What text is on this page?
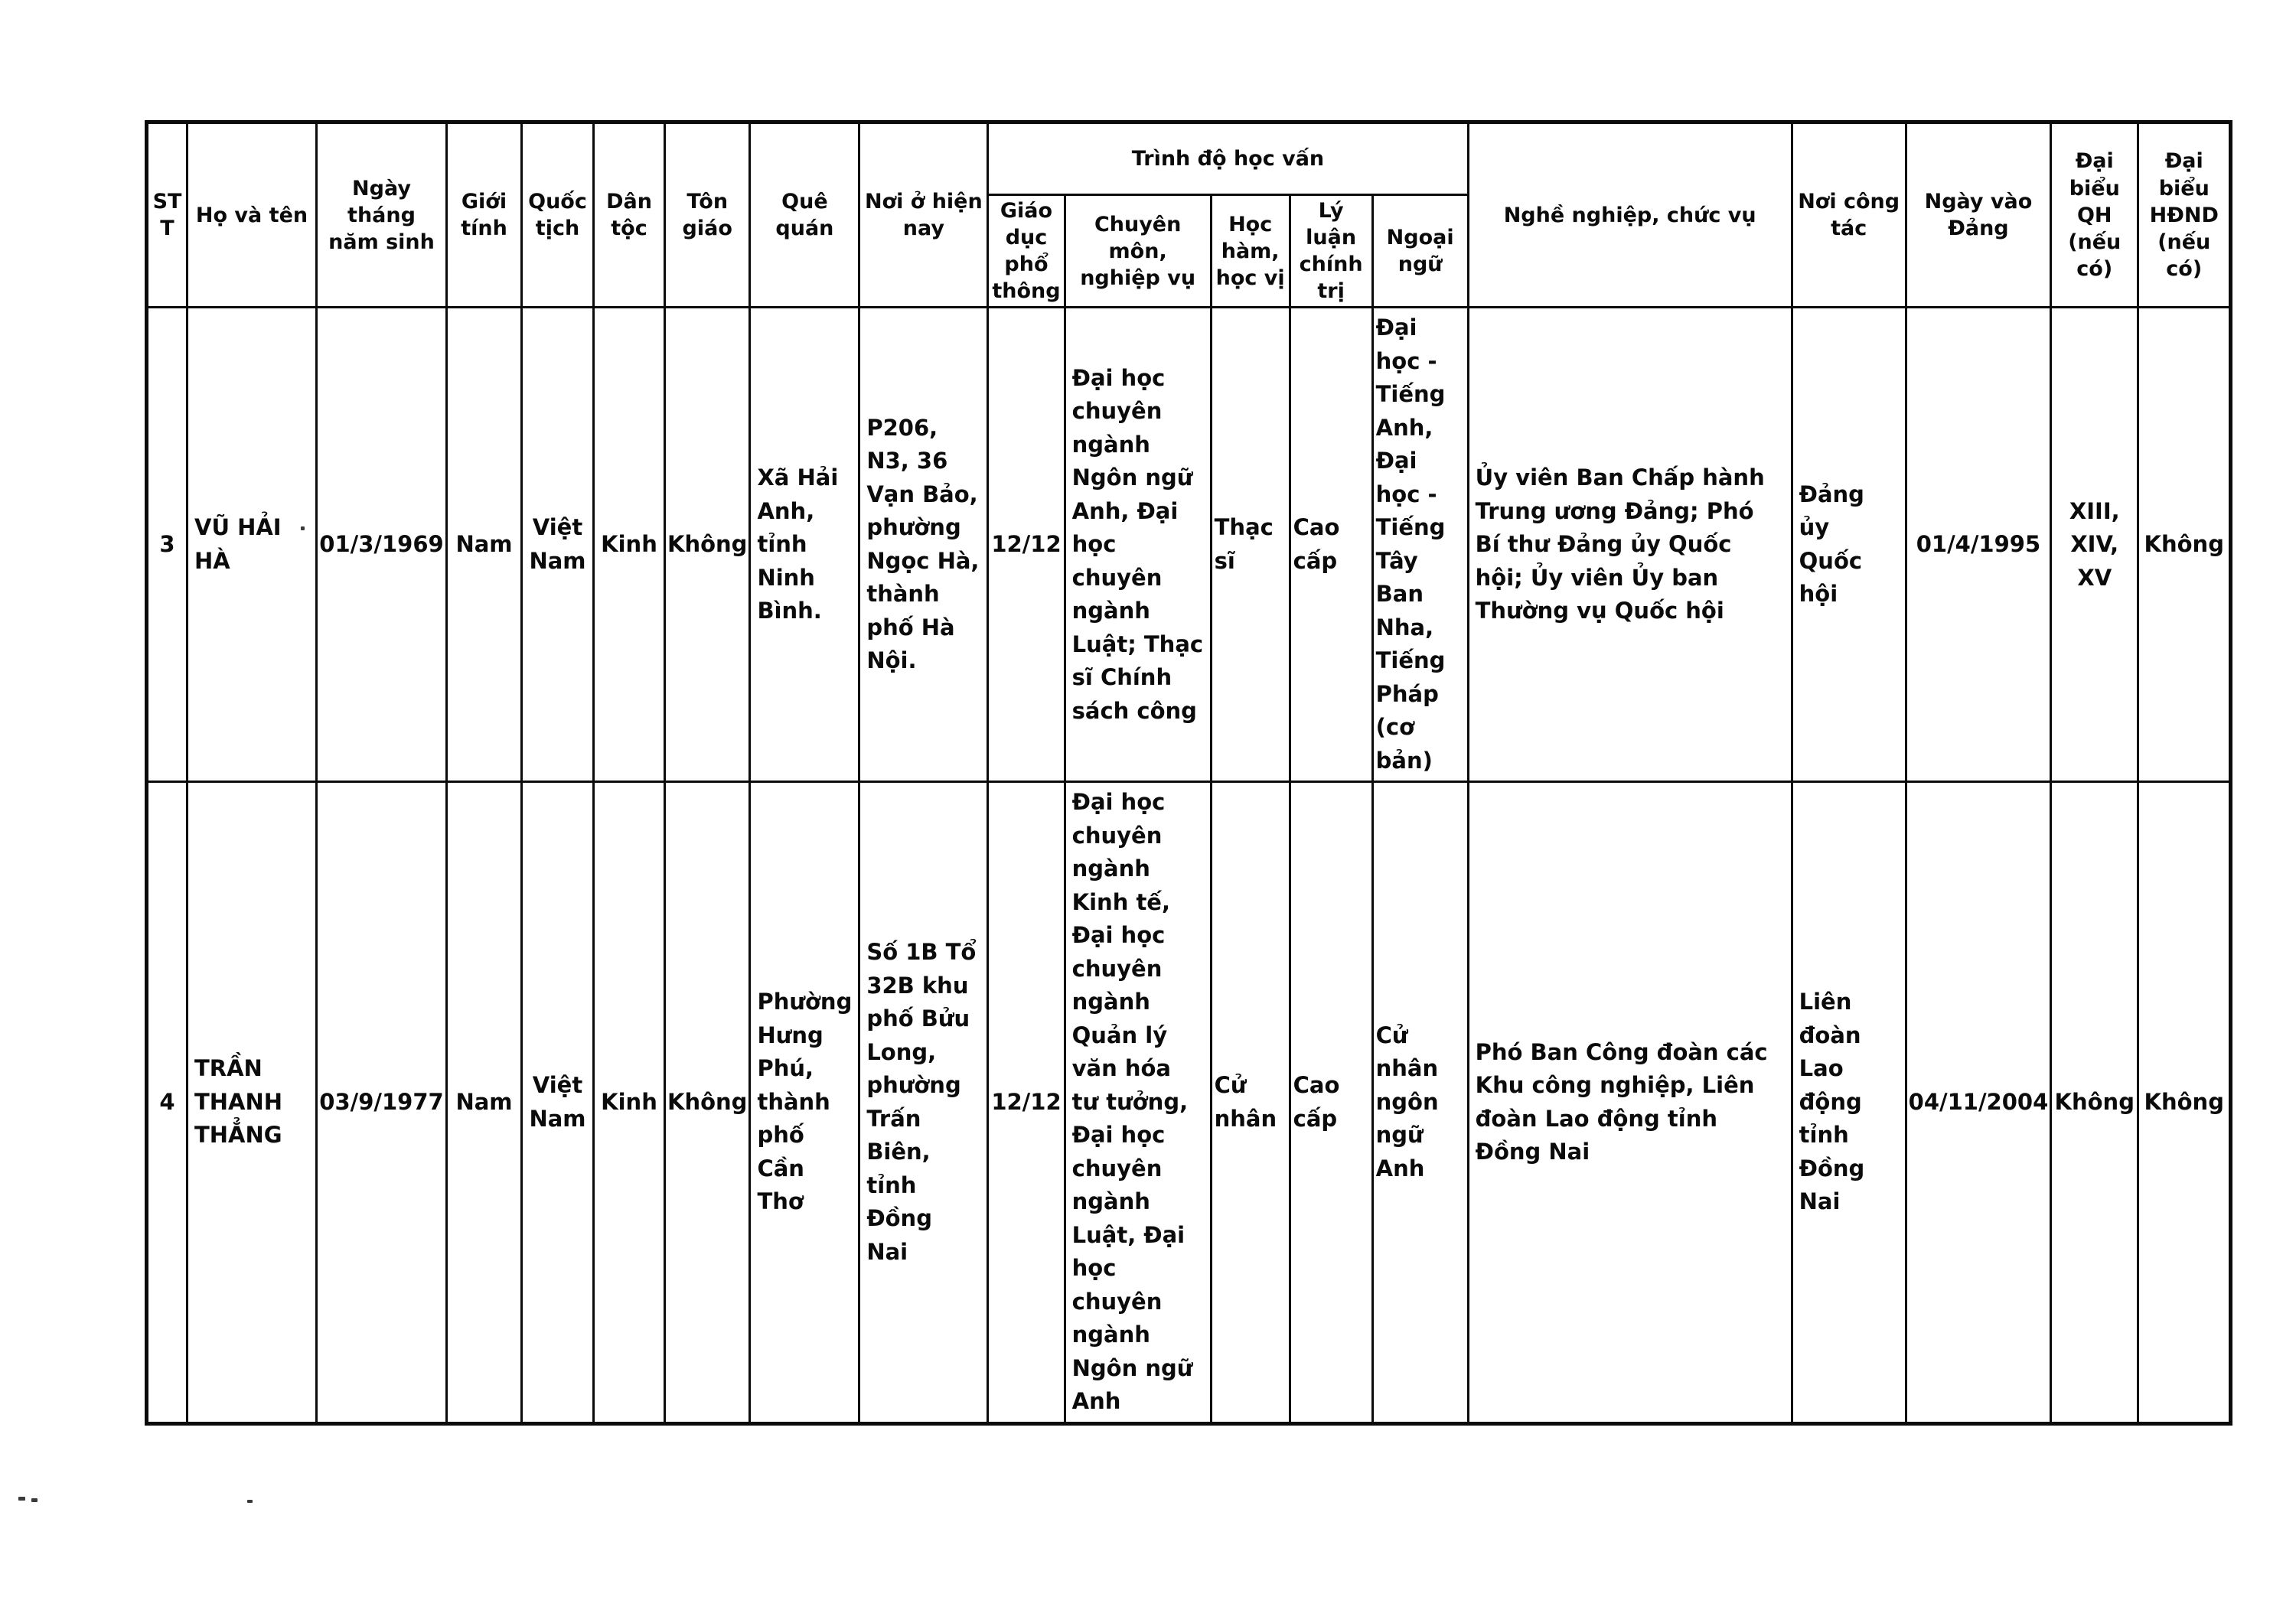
STT	Họ và tên	Ngày tháng năm sinh	Giới tính	Quốc tịch	Dân tộc	Tôn giáo	Quê quán	Nơi ở hiện nay	Trình độ học vấn					Nghề nghiệp, chức vụ	Nơi công tác	Ngày vào Đảng	Đại biểu QH (nếu có)	Đại biểu HĐND (nếu có)
									Giáo dục phổ thông	Chuyên môn, nghiệp vụ	Học hàm, học vị	Lý luận chính trị	Ngoại ngữ					
3	VŨ HẢI HÀ	01/3/1969	Nam	Việt Nam	Kinh	Không	Xã Hải Anh, tỉnh Ninh Bình.	P206, N3, 36 Vạn Bảo, phường Ngọc Hà, thành phố Hà Nội.	12/12	Đại học chuyên ngành Ngôn ngữ Anh, Đại học chuyên ngành Luật; Thạc sĩ Chính sách công	Thạc sĩ	Cao cấp	Đại học - Tiếng Anh, Đại học - Tiếng Tây Ban Nha, Tiếng Pháp (cơ bản)	Ủy viên Ban Chấp hành Trung ương Đảng; Phó Bí thư Đảng ủy Quốc hội; Ủy viên Ủy ban Thường vụ Quốc hội	Đảng ủy Quốc hội	01/4/1995	XIII, XIV, XV	Không
4	TRẦN THANH THẲNG	03/9/1977	Nam	Việt Nam	Kinh	Không	Phường Hưng Phú, thành phố Cần Thơ	Số 1B Tổ 32B khu phố Bửu Long, phường Trấn Biên, tỉnh Đồng Nai	12/12	Đại học chuyên ngành Kinh tế, Đại học chuyên ngành Quản lý văn hóa tư tưởng, Đại học chuyên ngành Luật, Đại học chuyên ngành Ngôn ngữ Anh	Cử nhân	Cao cấp	Cử nhân ngôn ngữ Anh	Phó Ban Công đoàn các Khu công nghiệp, Liên đoàn Lao động tỉnh Đồng Nai	Liên đoàn Lao động tỉnh Đồng Nai	04/11/2004	Không	Không
